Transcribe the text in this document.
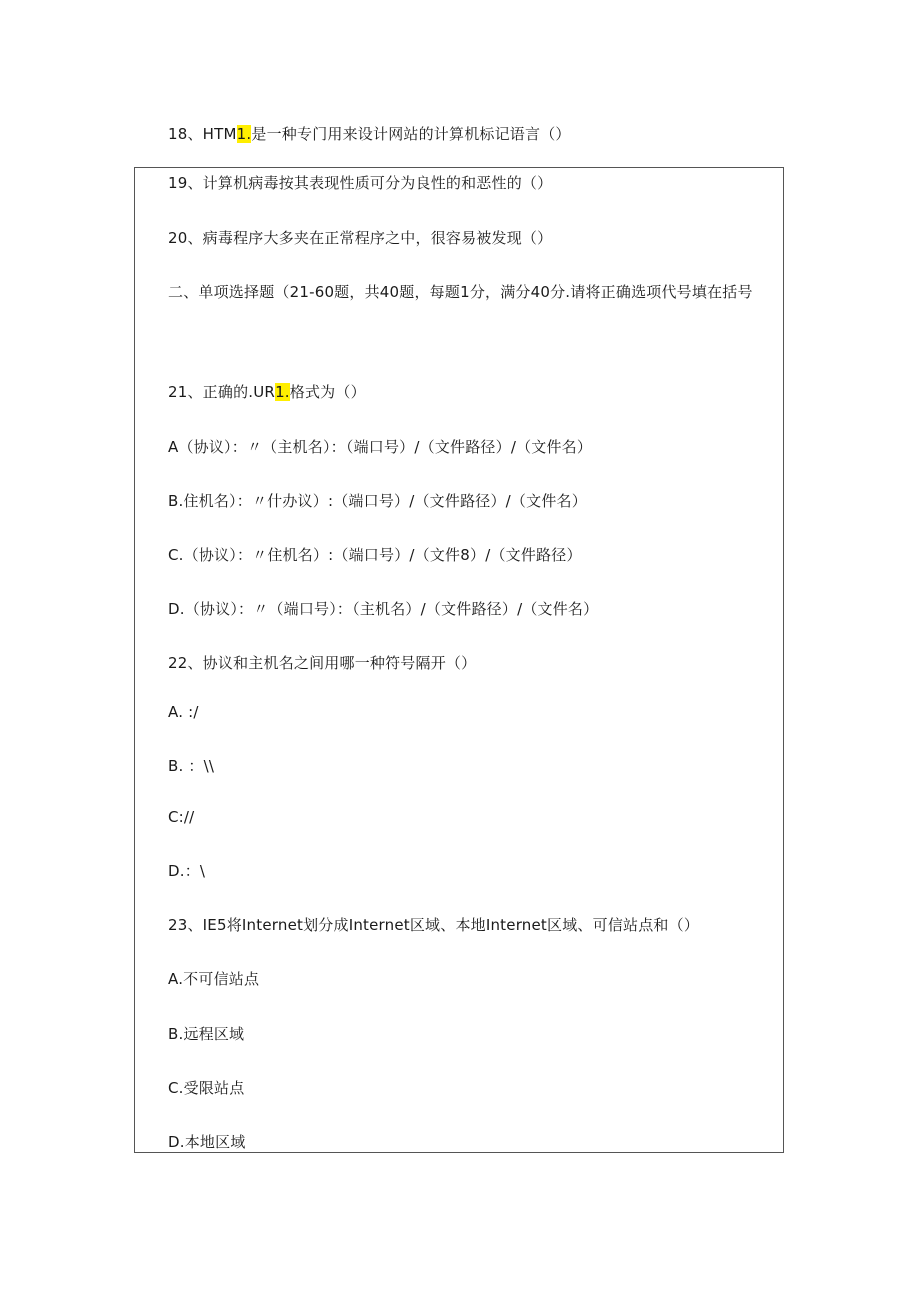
18、HTM1.是一种专门用来设计网站的计算机标记语言（）
19、计算机病毒按其表现性质可分为良性的和恶性的（）
20、病毒程序大多夹在正常程序之中，很容易被发现（）
二、单项选择题（21-60题，共40题，每题1分，满分40分.请将正确选项代号填在括号
21、正确的.UR1.格式为（）
A（协议）：〃（主机名）：（端口号）/（文件路径）/（文件名）
B.住机名）：〃什办议）:（端口号）/（文件路径）/（文件名）
C.（协议）：〃住机名）:（端口号）/（文件8）/（文件路径）
D.（协议）：〃（端口号）：（主机名）/（文件路径）/（文件名）
22、协议和主机名之间用哪一种符号隔开（）
A. :/
B. ：\\
C://
D.：\
23、IE5将Internet划分成Internet区域、本地Internet区域、可信站点和（）
A.不可信站点
B.远程区域
C.受限站点
D.本地区域
